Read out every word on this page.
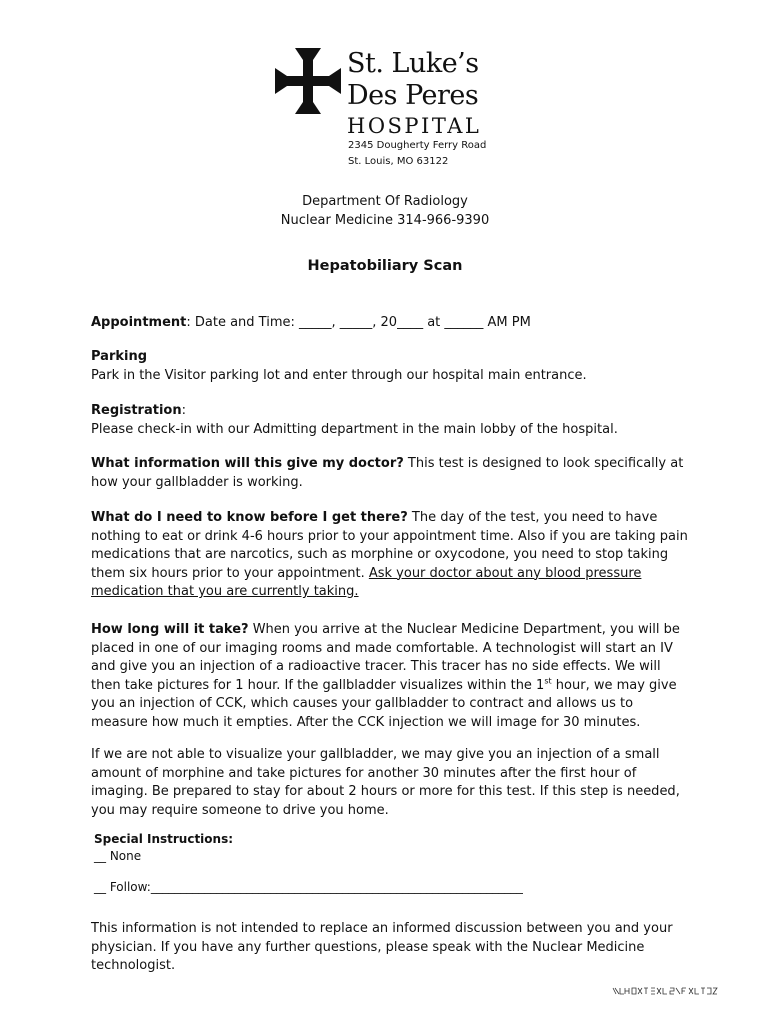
St. Luke’s
Des Peres
HOSPITAL
2345 Dougherty Ferry Road
St. Louis, MO 63122
Department Of Radiology
Nuclear Medicine 314-966-9390
Hepatobiliary Scan

Appointment: Date and Time: _____, _____, 20____ at ______ AM PM

Parking

Park in the Visitor parking lot and enter through our hospital main entrance.

Registration:

Please check-in with our Admitting department in the main lobby of the hospital.

What information will this give my doctor? This test is designed to look specifically at how your gallbladder is working.

What do I need to know before I get there? The day of the test, you need to have nothing to eat or drink 4-6 hours prior to your appointment time. Also if you are taking pain medications that are narcotics, such as morphine or oxycodone, you need to stop taking them six hours prior to your appointment. Ask your doctor about any blood pressure medication that you are currently taking.

How long will it take? When you arrive at the Nuclear Medicine Department, you will be placed in one of our imaging rooms and made comfortable. A technologist will start an IV and give you an injection of a radioactive tracer. This tracer has no side effects. We will then take pictures for 1 hour. If the gallbladder visualizes within the 1st hour, we may give you an injection of CCK, which causes your gallbladder to contract and allows us to measure how much it empties. After the CCK injection we will image for 30 minutes.

If we are not able to visualize your gallbladder, we may give you an injection of a small amount of morphine and take pictures for another 30 minutes after the first hour of imaging. Be prepared to stay for about 2 hours or more for this test. If this step is needed, you may require someone to drive you home.

Special Instructions:
__ None
__ Follow:______________________________________________________________

This information is not intended to replace an informed discussion between you and your physician. If you have any further questions, please speak with the Nuclear Medicine technologist.
